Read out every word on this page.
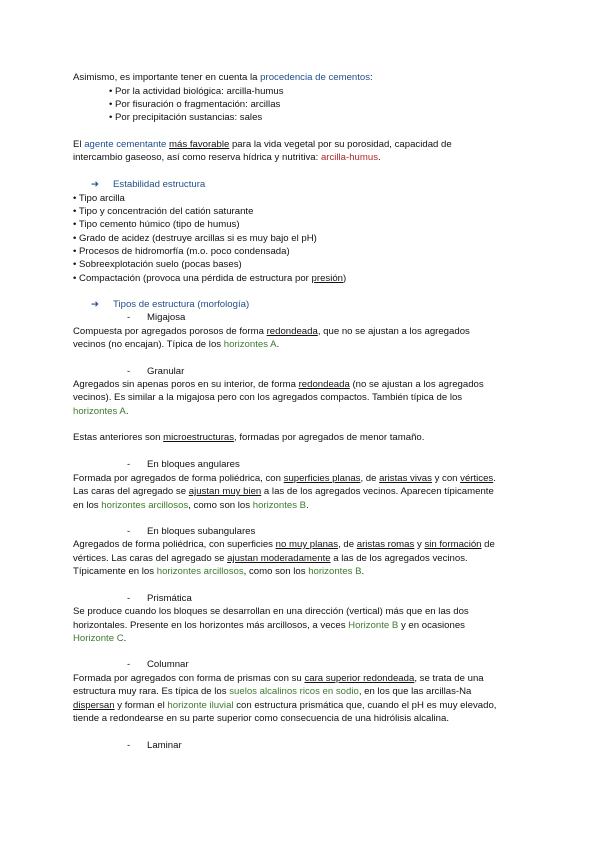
Asimismo, es importante tener en cuenta la procedencia de cementos:
• Por la actividad biológica: arcilla-humus
• Por fisuración o fragmentación: arcillas
• Por precipitación sustancias: sales
El agente cementante más favorable para la vida vegetal por su porosidad, capacidad de
intercambio gaseoso, así como reserva hídrica y nutritiva: arcilla-humus.
➔ Estabilidad estructura
• Tipo arcilla
• Tipo y concentración del catión saturante
• Tipo cemento húmico (tipo de humus)
• Grado de acidez (destruye arcillas si es muy bajo el pH)
• Procesos de hidromorfía (m.o. poco condensada)
• Sobreexplotación suelo (pocas bases)
• Compactación (provoca una pérdida de estructura por presión)
➔ Tipos de estructura (morfología)
- Migajosa
Compuesta por agregados porosos de forma redondeada, que no se ajustan a los agregados
vecinos (no encajan). Típica de los horizontes A.
- Granular
Agregados sin apenas poros en su interior, de forma redondeada (no se ajustan a los agregados
vecinos). Es similar a la migajosa pero con los agregados compactos. También típica de los
horizontes A.
Estas anteriores son microestructuras, formadas por agregados de menor tamaño.
- En bloques angulares
Formada por agregados de forma poliédrica, con superficies planas, de aristas vivas y con vértices.
Las caras del agregado se ajustan muy bien a las de los agregados vecinos. Aparecen típicamente
en los horizontes arcillosos, como son los horizontes B.
- En bloques subangulares
Agregados de forma poliédrica, con superficies no muy planas, de aristas romas y sin formación de
vértices. Las caras del agregado se ajustan moderadamente a las de los agregados vecinos.
Típicamente en los horizontes arcillosos, como son los horizontes B.
- Prismática
Se produce cuando los bloques se desarrollan en una dirección (vertical) más que en las dos
horizontales. Presente en los horizontes más arcillosos, a veces Horizonte B y en ocasiones
Horizonte C.
- Columnar
Formada por agregados con forma de prismas con su cara superior redondeada, se trata de una
estructura muy rara. Es típica de los suelos alcalinos ricos en sodio, en los que las arcillas-Na
dispersan y forman el horizonte iluvial con estructura prismática que, cuando el pH es muy elevado,
tiende a redondearse en su parte superior como consecuencia de una hidrólisis alcalina.
- Laminar
